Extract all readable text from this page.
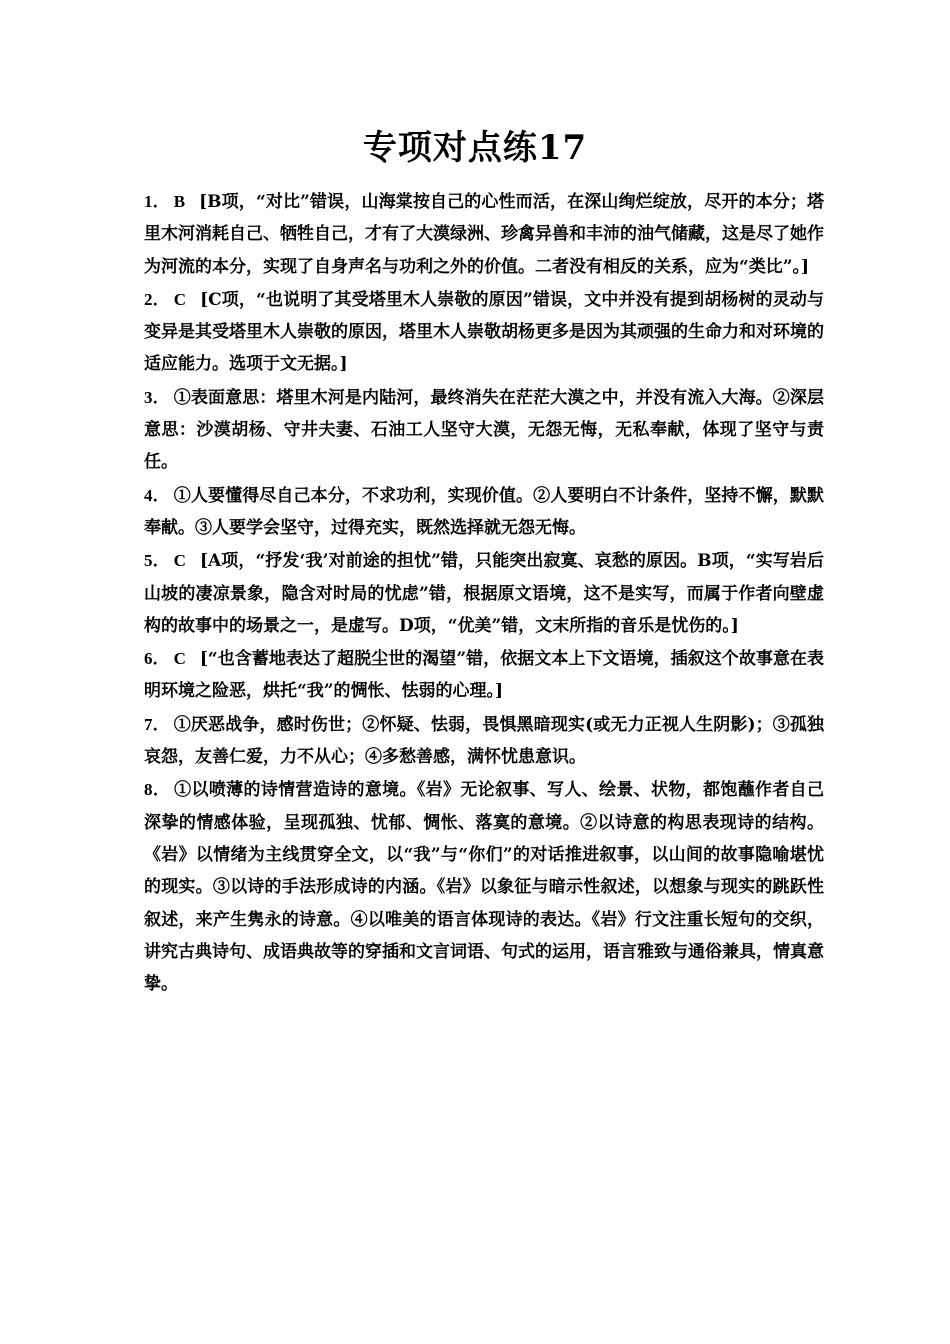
专项对点练17

1． B [B项，“对比”错误，山海棠按自己的心性而活，在深山绚烂绽放，尽开的本分；塔里木河消耗自己、牺牲自己，才有了大漠绿洲、珍禽异兽和丰沛的油气储藏，这是尽了她作为河流的本分，实现了自身声名与功利之外的价值。二者没有相反的关系，应为“类比”。]

2． C [C项，“也说明了其受塔里木人崇敬的原因”错误，文中并没有提到胡杨树的灵动与变异是其受塔里木人崇敬的原因，塔里木人崇敬胡杨更多是因为其顽强的生命力和对环境的适应能力。选项于文无据。]

3． ①表面意思：塔里木河是内陆河，最终消失在茫茫大漠之中，并没有流入大海。②深层意思：沙漠胡杨、守井夫妻、石油工人坚守大漠，无怨无悔，无私奉献，体现了坚守与责任。

4． ①人要懂得尽自己本分，不求功利，实现价值。②人要明白不计条件，坚持不懈，默默奉献。③人要学会坚守，过得充实，既然选择就无怨无悔。

5． C [A项，“抒发‘我’对前途的担忧”错，只能突出寂寞、哀愁的原因。B项，“实写岩后山坡的凄凉景象，隐含对时局的忧虑”错，根据原文语境，这不是实写，而属于作者向壁虚构的故事中的场景之一，是虚写。D项，“优美”错，文末所指的音乐是忧伤的。]

6． C [“也含蓄地表达了超脱尘世的渴望”错，依据文本上下文语境，插叙这个故事意在表明环境之险恶，烘托“我”的惆怅、怯弱的心理。]

7． ①厌恶战争，感时伤世；②怀疑、怯弱，畏惧黑暗现实(或无力正视人生阴影)；③孤独哀怨，友善仁爱，力不从心；④多愁善感，满怀忧患意识。

8． ①以喷薄的诗情营造诗的意境。《岩》无论叙事、写人、绘景、状物，都饱蘸作者自己深挚的情感体验，呈现孤独、忧郁、惆怅、落寞的意境。②以诗意的构思表现诗的结构。《岩》以情绪为主线贯穿全文，以“我”与“你们”的对话推进叙事，以山间的故事隐喻堪忧的现实。③以诗的手法形成诗的内涵。《岩》以象征与暗示性叙述，以想象与现实的跳跃性叙述，来产生隽永的诗意。④以唯美的语言体现诗的表达。《岩》行文注重长短句的交织，讲究古典诗句、成语典故等的穿插和文言词语、句式的运用，语言雅致与通俗兼具，情真意挚。
